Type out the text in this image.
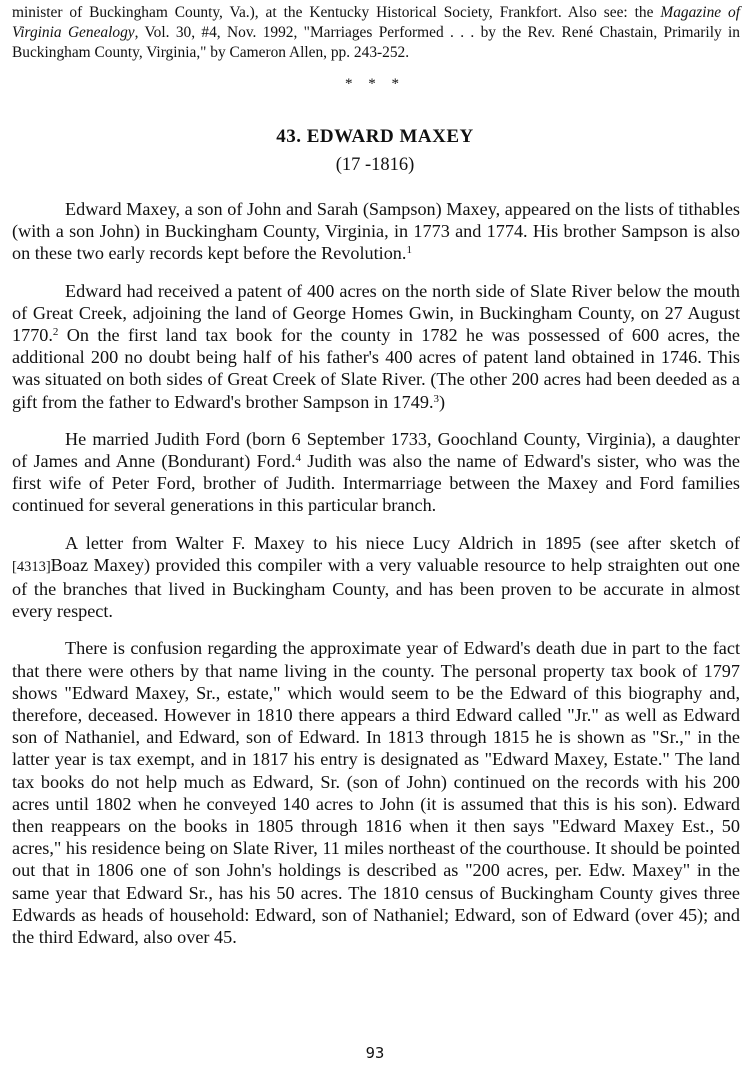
minister of Buckingham County, Va.), at the Kentucky Historical Society, Frankfort. Also see: the Magazine of Virginia Genealogy, Vol. 30, #4, Nov. 1992, "Marriages Performed . . . by the Rev. René Chastain, Primarily in Buckingham County, Virginia," by Cameron Allen, pp. 243-252.

* * *

43. EDWARD MAXEY

(17 -1816)

Edward Maxey, a son of John and Sarah (Sampson) Maxey, appeared on the lists of tithables (with a son John) in Buckingham County, Virginia, in 1773 and 1774. His brother Sampson is also on these two early records kept before the Revolution.$^1$

Edward had received a patent of 400 acres on the north side of Slate River below the mouth of Great Creek, adjoining the land of George Homes Gwin, in Buckingham County, on 27 August 1770.$^2$ On the first land tax book for the county in 1782 he was possessed of 600 acres, the additional 200 no doubt being half of his father's 400 acres of patent land obtained in 1746. This was situated on both sides of Great Creek of Slate River. (The other 200 acres had been deeded as a gift from the father to Edward's brother Sampson in 1749.$^3$)

He married Judith Ford (born 6 September 1733, Goochland County, Virginia), a daughter of James and Anne (Bondurant) Ford.$^4$ Judith was also the name of Edward's sister, who was the first wife of Peter Ford, brother of Judith. Intermarriage between the Maxey and Ford families continued for several generations in this particular branch.

A letter from Walter F. Maxey to his niece Lucy Aldrich in 1895 (see after sketch of [4313]Boaz Maxey) provided this compiler with a very valuable resource to help straighten out one of the branches that lived in Buckingham County, and has been proven to be accurate in almost every respect.

There is confusion regarding the approximate year of Edward's death due in part to the fact that there were others by that name living in the county. The personal property tax book of 1797 shows "Edward Maxey, Sr., estate," which would seem to be the Edward of this biography and, therefore, deceased. However in 1810 there appears a third Edward called "Jr." as well as Edward son of Nathaniel, and Edward, son of Edward. In 1813 through 1815 he is shown as "Sr.," in the latter year is tax exempt, and in 1817 his entry is designated as "Edward Maxey, Estate." The land tax books do not help much as Edward, Sr. (son of John) continued on the records with his 200 acres until 1802 when he conveyed 140 acres to John (it is assumed that this is his son). Edward then reappears on the books in 1805 through 1816 when it then says "Edward Maxey Est., 50 acres," his residence being on Slate River, 11 miles northeast of the courthouse. It should be pointed out that in 1806 one of son John's holdings is described as "200 acres, per. Edw. Maxey" in the same year that Edward Sr., has his 50 acres. The 1810 census of Buckingham County gives three Edwards as heads of household: Edward, son of Nathaniel; Edward, son of Edward (over 45); and the third Edward, also over 45.

93
